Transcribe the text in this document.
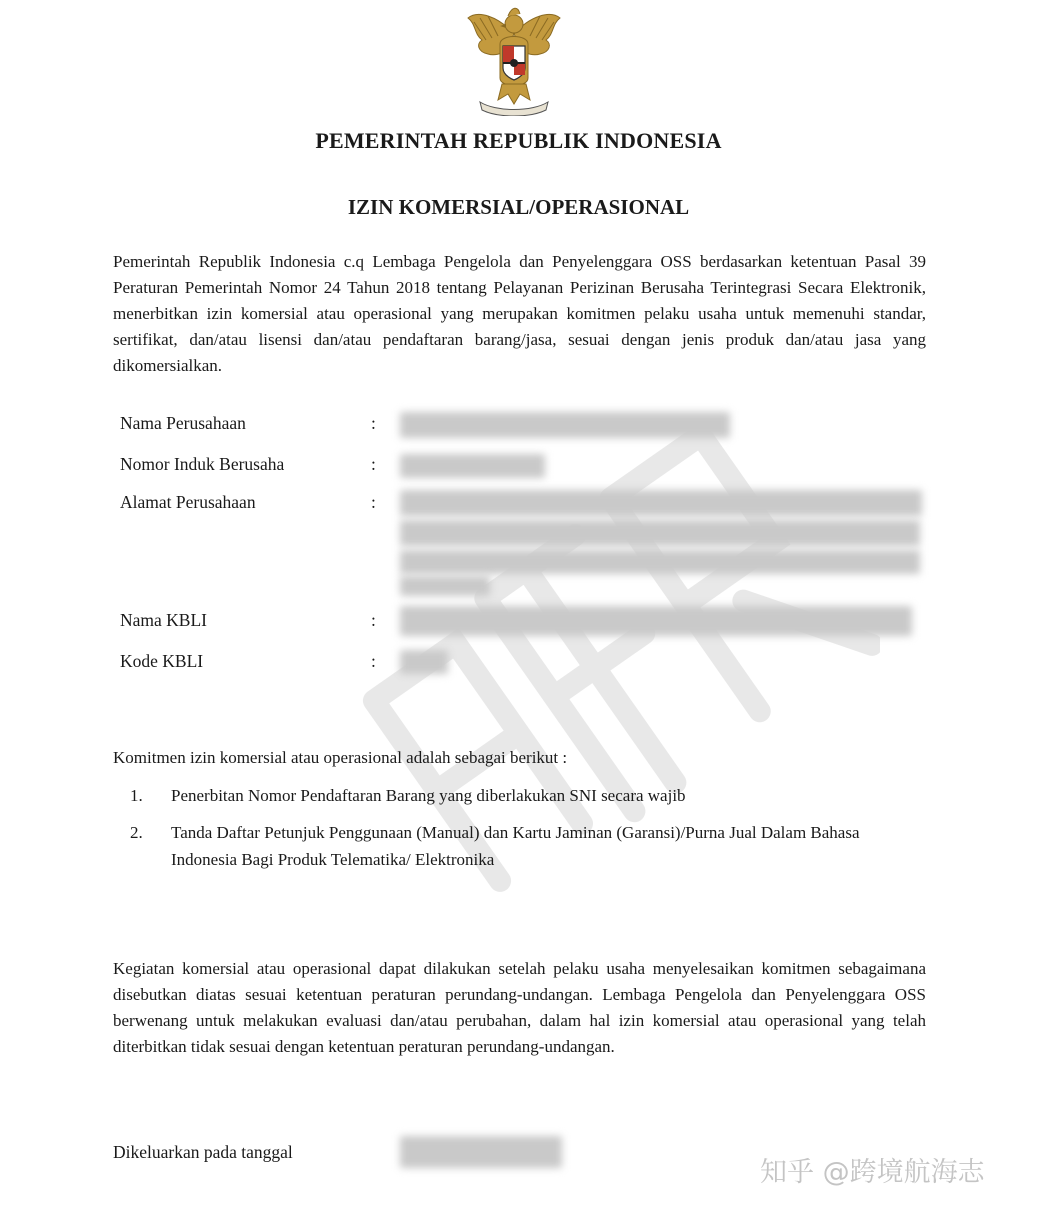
PEMERINTAH REPUBLIK INDONESIA
IZIN KOMERSIAL/OPERASIONAL
Pemerintah Republik Indonesia c.q Lembaga Pengelola dan Penyelenggara OSS berdasarkan ketentuan Pasal 39 Peraturan Pemerintah Nomor 24 Tahun 2018 tentang Pelayanan Perizinan Berusaha Terintegrasi Secara Elektronik, menerbitkan izin komersial atau operasional yang merupakan komitmen pelaku usaha untuk memenuhi standar, sertifikat, dan/atau lisensi dan/atau pendaftaran barang/jasa, sesuai dengan jenis produk dan/atau jasa yang dikomersialkan.
Nama Perusahaan	:
Nomor Induk Berusaha	:
Alamat Perusahaan	:
Nama KBLI	:
Kode KBLI	:
Komitmen izin komersial atau operasional adalah sebagai berikut :
1. Penerbitan Nomor Pendaftaran Barang yang diberlakukan SNI secara wajib
2. Tanda Daftar Petunjuk Penggunaan (Manual) dan Kartu Jaminan (Garansi)/Purna Jual Dalam Bahasa Indonesia Bagi Produk Telematika/ Elektronika
Kegiatan komersial atau operasional dapat dilakukan setelah pelaku usaha menyelesaikan komitmen sebagaimana disebutkan diatas sesuai ketentuan peraturan perundang-undangan. Lembaga Pengelola dan Penyelenggara OSS berwenang untuk melakukan evaluasi dan/atau perubahan, dalam hal izin komersial atau operasional yang telah diterbitkan tidak sesuai dengan ketentuan peraturan perundang-undangan.
Dikeluarkan pada tanggal
知乎 @跨境航海志
